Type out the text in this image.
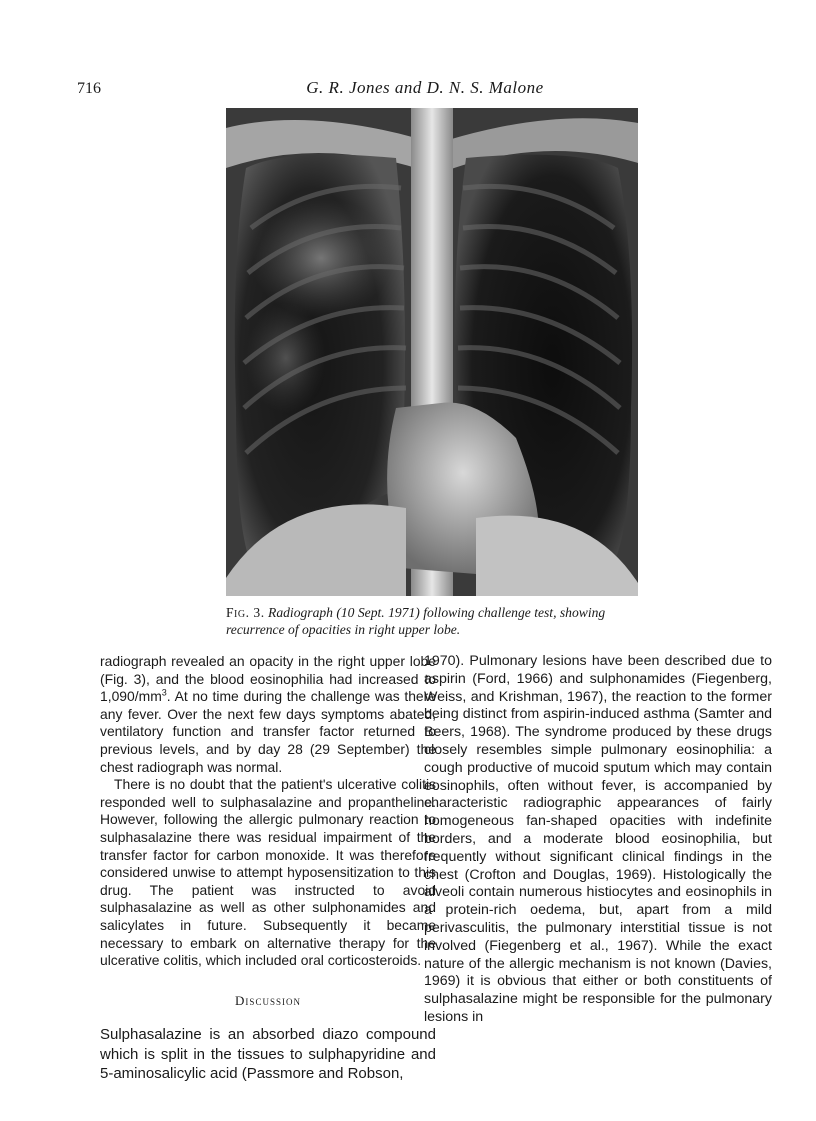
716	G. R. Jones and D. N. S. Malone
Fig. 3. Radiograph (10 Sept. 1971) following challenge test, showing recurrence of opacities in right upper lobe.

radiograph revealed an opacity in the right upper lobe (Fig. 3), and the blood eosinophilia had increased to $1,090/mm^3$. At no time during the challenge was there any fever. Over the next few days symptoms abated, ventilatory function and transfer factor returned to previous levels, and by day 28 (29 September) the chest radiograph was normal.

There is no doubt that the patient's ulcerative colitis responded well to sulphasalazine and propantheline. However, following the allergic pulmonary reaction to sulphasalazine there was residual impairment of the transfer factor for carbon monoxide. It was therefore considered unwise to attempt hyposensitization to this drug. The patient was instructed to avoid sulphasalazine as well as other sulphonamides and salicylates in future. Subsequently it became necessary to embark on alternative therapy for the ulcerative colitis, which included oral corticosteroids.

Discussion

Sulphasalazine is an absorbed diazo compound which is split in the tissues to sulphapyridine and 5-aminosalicylic acid (Passmore and Robson,

1970). Pulmonary lesions have been described due to aspirin (Ford, 1966) and sulphonamides (Fiegenberg, Weiss, and Krishman, 1967), the reaction to the former being distinct from aspirin-induced asthma (Samter and Beers, 1968). The syndrome produced by these drugs closely resembles simple pulmonary eosinophilia: a cough productive of mucoid sputum which may contain eosinophils, often without fever, is accompanied by characteristic radiographic appearances of fairly homogeneous fan-shaped opacities with indefinite borders, and a moderate blood eosinophilia, but frequently without significant clinical findings in the chest (Crofton and Douglas, 1969). Histologically the alveoli contain numerous histiocytes and eosinophils in a protein-rich oedema, but, apart from a mild perivasculitis, the pulmonary interstitial tissue is not involved (Fiegenberg et al., 1967). While the exact nature of the allergic mechanism is not known (Davies, 1969) it is obvious that either or both constituents of sulphasalazine might be responsible for the pulmonary lesions in
